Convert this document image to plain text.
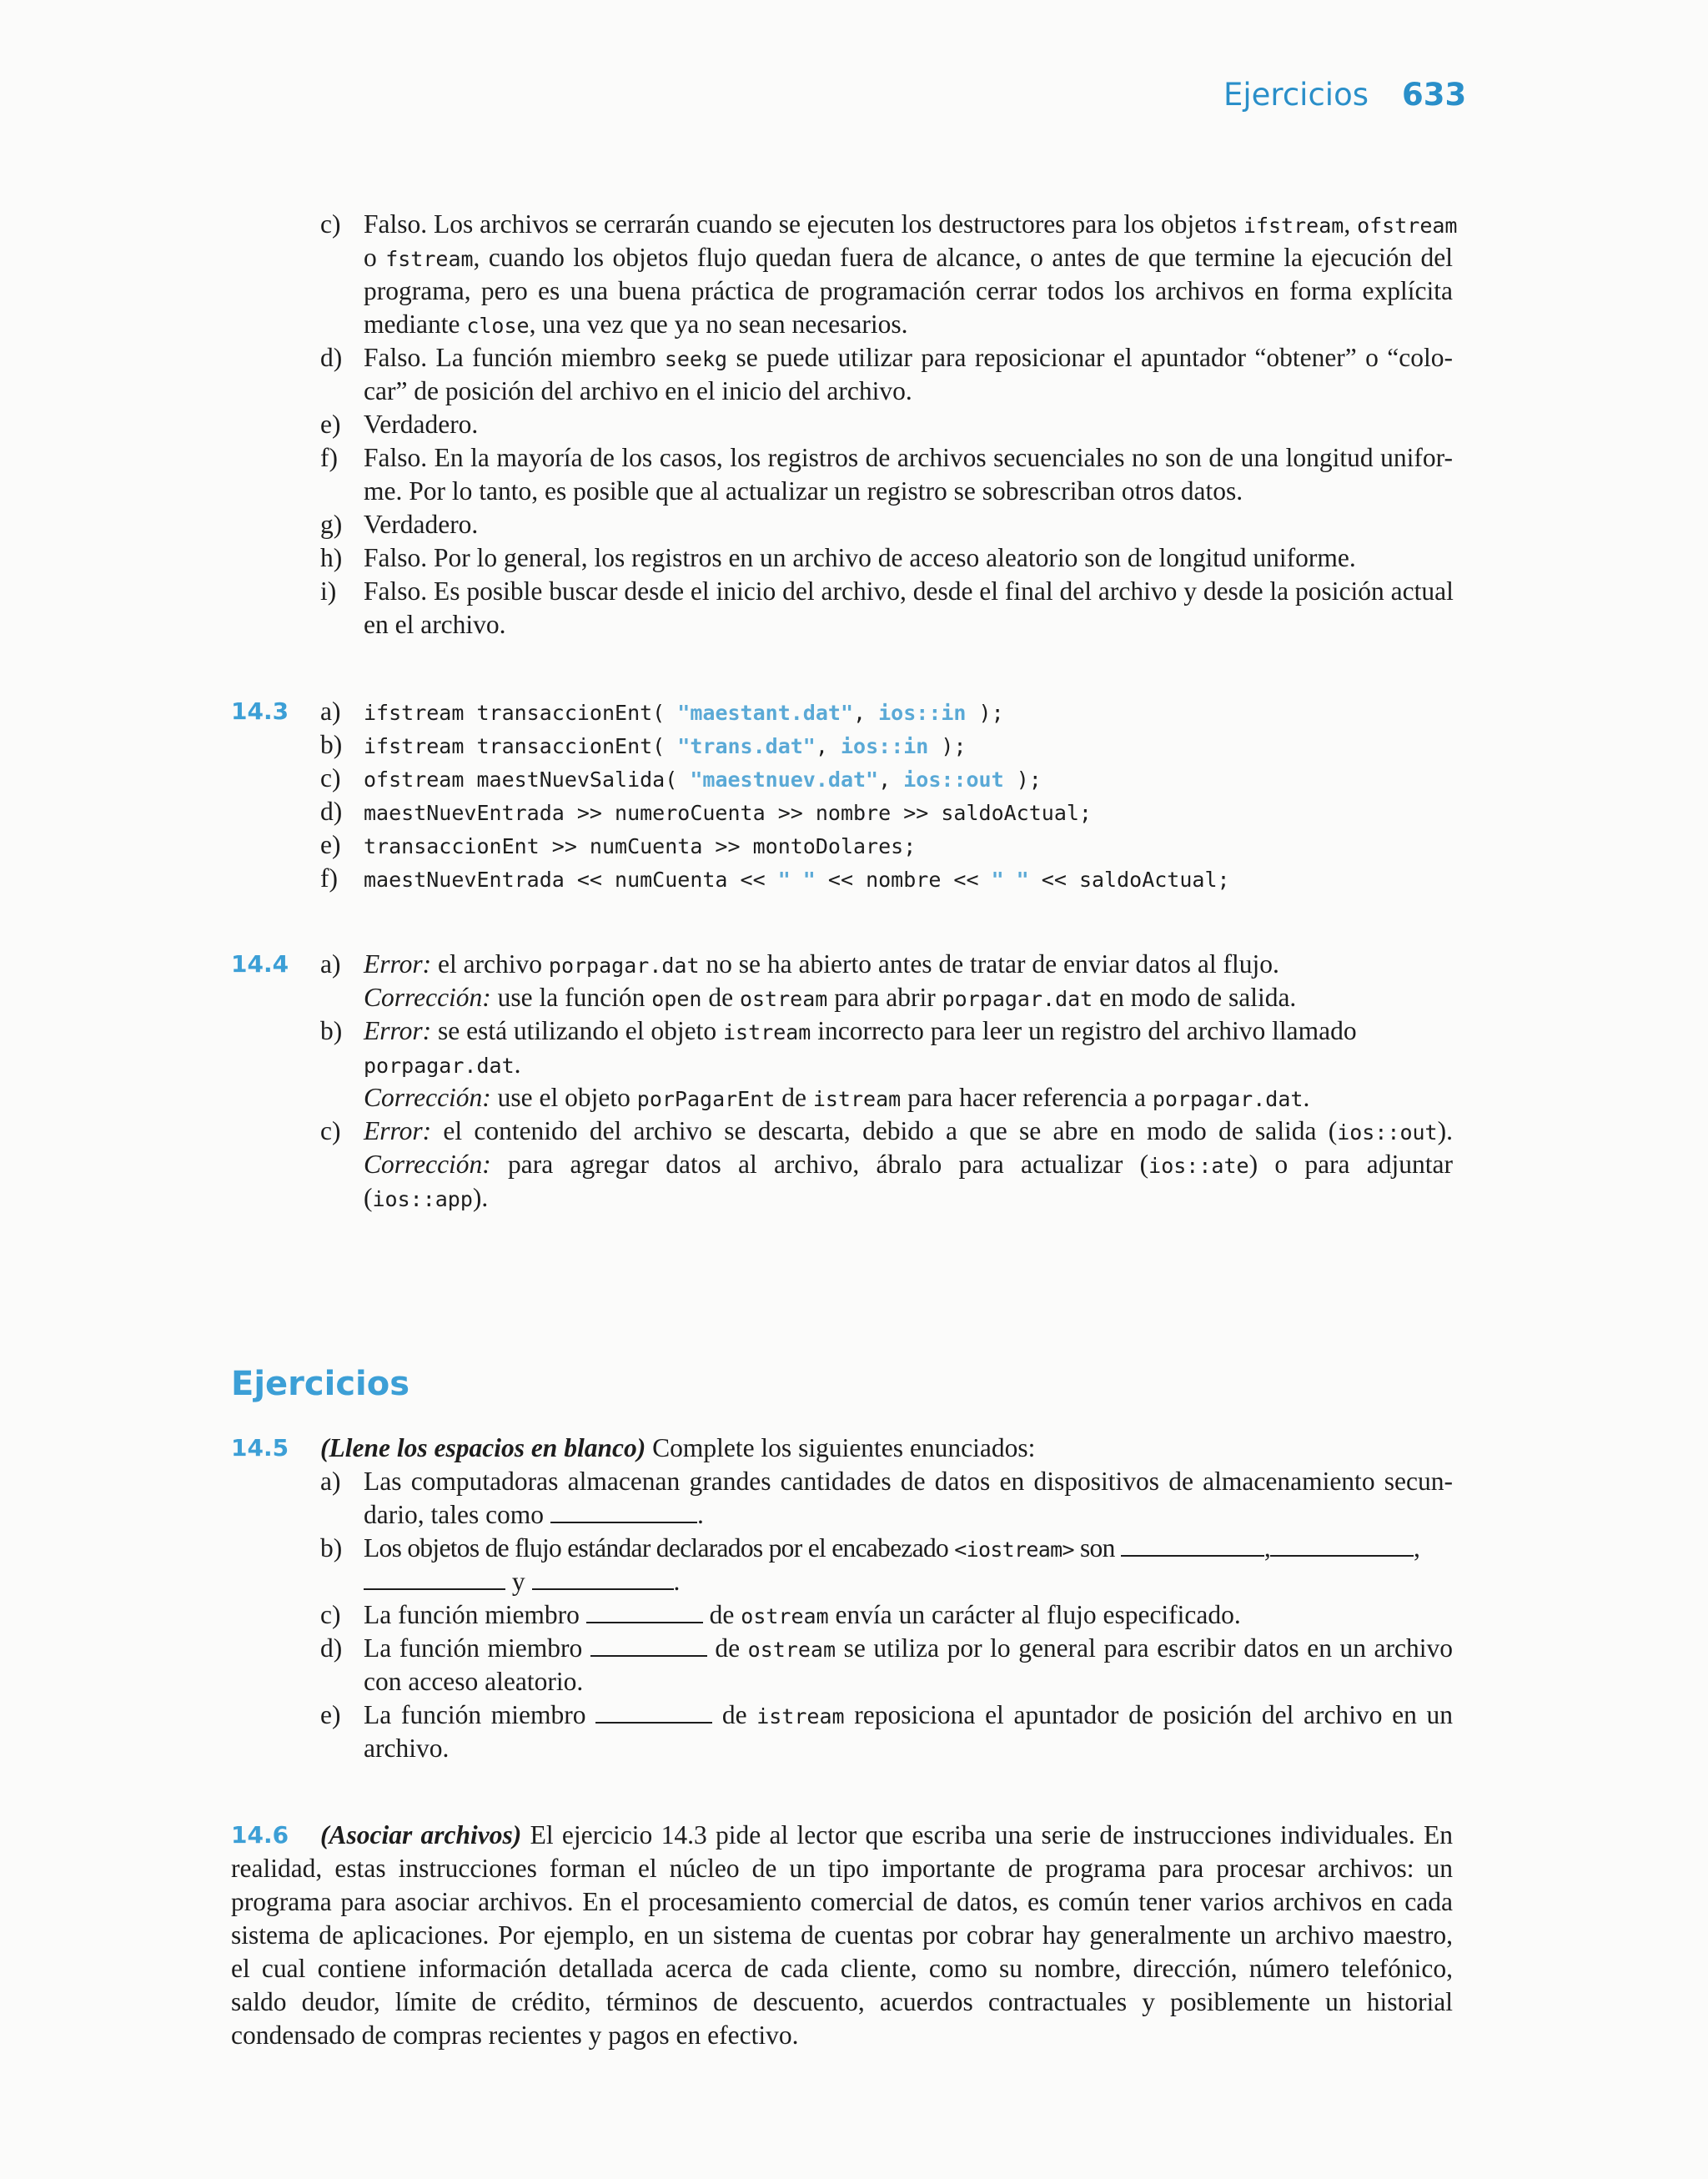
Ejercicios 633
c) Falso. Los archivos se cerrarán cuando se ejecuten los destructores para los objetos ifstream, ofstream
o fstream, cuando los objetos flujo quedan fuera de alcance, o antes de que termine la ejecución del
programa, pero es una buena práctica de programación cerrar todos los archivos en forma explícita
mediante close, una vez que ya no sean necesarios.
d) Falso. La función miembro seekg se puede utilizar para reposicionar el apuntador “obtener” o “colo-
car” de posición del archivo en el inicio del archivo.
e) Verdadero.
f) Falso. En la mayoría de los casos, los registros de archivos secuenciales no son de una longitud unifor-
me. Por lo tanto, es posible que al actualizar un registro se sobrescriban otros datos.
g) Verdadero.
h) Falso. Por lo general, los registros en un archivo de acceso aleatorio son de longitud uniforme.
i) Falso. Es posible buscar desde el inicio del archivo, desde el final del archivo y desde la posición actual
en el archivo.
14.3 a) ifstream transaccionEnt( "maestant.dat", ios::in );
b) ifstream transaccionEnt( "trans.dat", ios::in );
c) ofstream maestNuevSalida( "maestnuev.dat", ios::out );
d) maestNuevEntrada >> numeroCuenta >> nombre >> saldoActual;
e) transaccionEnt >> numCuenta >> montoDolares;
f) maestNuevEntrada << numCuenta << " " << nombre << " " << saldoActual;
14.4 a) Error: el archivo porpagar.dat no se ha abierto antes de tratar de enviar datos al flujo.
Corrección: use la función open de ostream para abrir porpagar.dat en modo de salida.
b) Error: se está utilizando el objeto istream incorrecto para leer un registro del archivo llamado
porpagar.dat.
Corrección: use el objeto porPagarEnt de istream para hacer referencia a porpagar.dat.
c) Error: el contenido del archivo se descarta, debido a que se abre en modo de salida (ios::out).
Corrección: para agregar datos al archivo, ábralo para actualizar (ios::ate) o para adjuntar
(ios::app).
Ejercicios
14.5 (Llene los espacios en blanco) Complete los siguientes enunciados:
a) Las computadoras almacenan grandes cantidades de datos en dispositivos de almacenamiento secun-
dario, tales como	.
b) Los objetos de flujo estándar declarados por el encabezado <iostream> son	,	,
y	.
c) La función miembro	de ostream envía un carácter al flujo especificado.
d) La función miembro	de ostream se utiliza por lo general para escribir datos en un archivo
con acceso aleatorio.
e) La función miembro	de istream reposiciona el apuntador de posición del archivo en un
archivo.
14.6 (Asociar archivos) El ejercicio 14.3 pide al lector que escriba una serie de instrucciones individuales. En
realidad, estas instrucciones forman el núcleo de un tipo importante de programa para procesar archivos: un
programa para asociar archivos. En el procesamiento comercial de datos, es común tener varios archivos en cada
sistema de aplicaciones. Por ejemplo, en un sistema de cuentas por cobrar hay generalmente un archivo maestro,
el cual contiene información detallada acerca de cada cliente, como su nombre, dirección, número telefónico,
saldo deudor, límite de crédito, términos de descuento, acuerdos contractuales y posiblemente un historial
condensado de compras recientes y pagos en efectivo.
